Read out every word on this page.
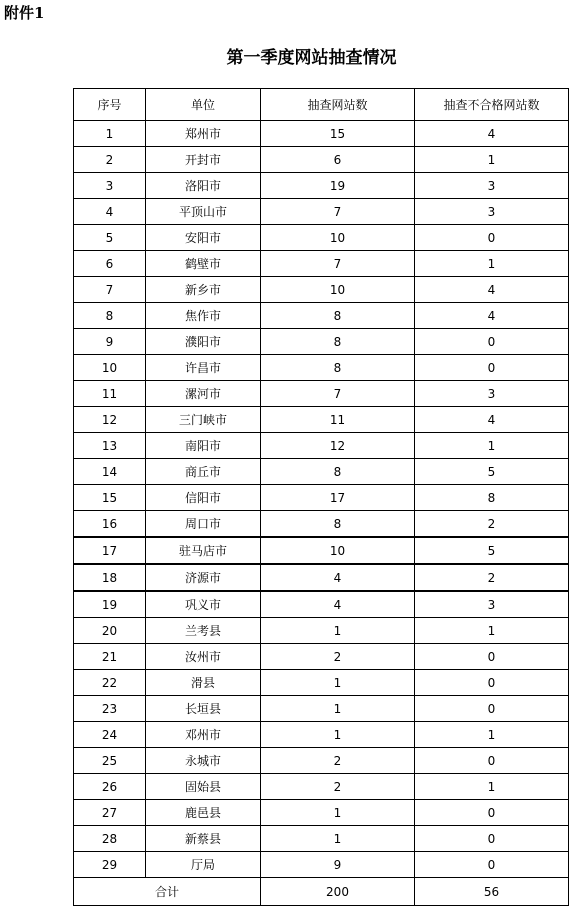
附件1
第一季度网站抽查情况
序号	单位	抽查网站数	抽查不合格网站数
1	郑州市	15	4
2	开封市	6	1
3	洛阳市	19	3
4	平顶山市	7	3
5	安阳市	10	0
6	鹤壁市	7	1
7	新乡市	10	4
8	焦作市	8	4
9	濮阳市	8	0
10	许昌市	8	0
11	漯河市	7	3
12	三门峡市	11	4
13	南阳市	12	1
14	商丘市	8	5
15	信阳市	17	8
16	周口市	8	2
17	驻马店市	10	5
18	济源市	4	2
19	巩义市	4	3
20	兰考县	1	1
21	汝州市	2	0
22	滑县	1	0
23	长垣县	1	0
24	邓州市	1	1
25	永城市	2	0
26	固始县	2	1
27	鹿邑县	1	0
28	新蔡县	1	0
29	厅局	9	0
合计		200	56
